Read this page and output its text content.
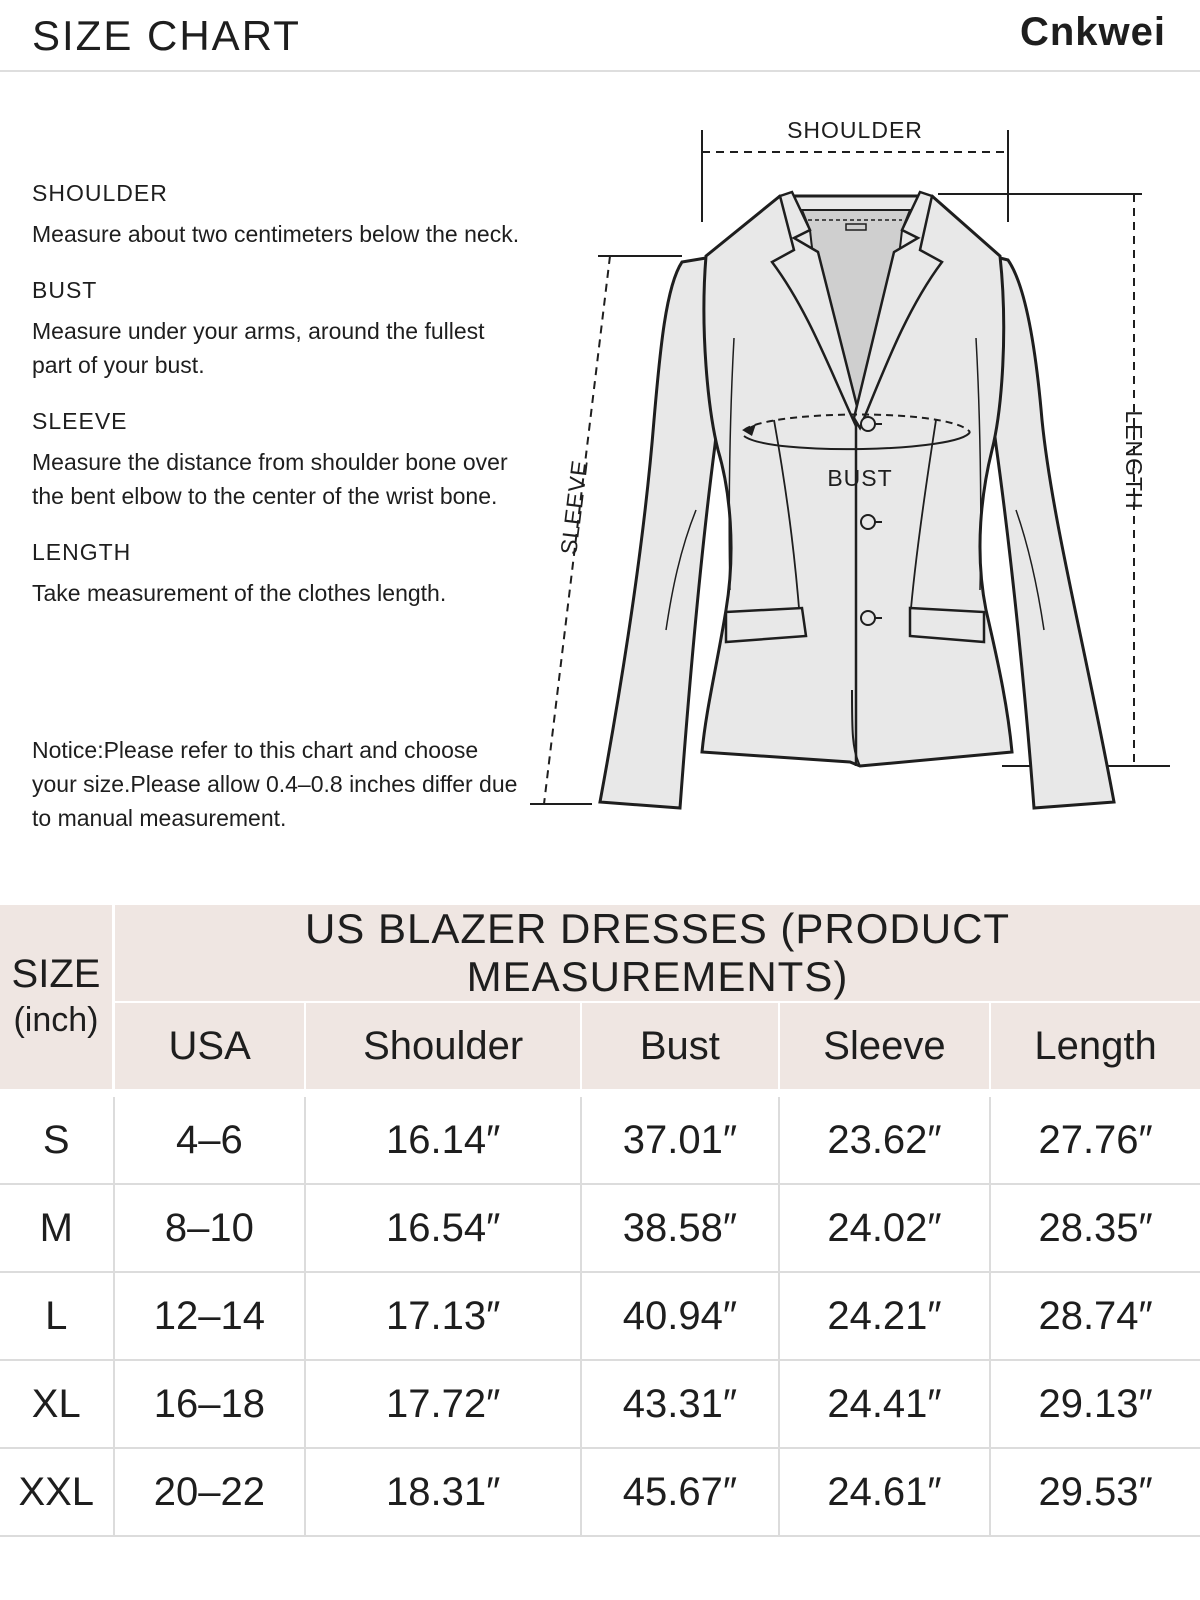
SIZE CHART	Cnkwei
SHOULDER
Measure about two centimeters below the neck.
BUST
Measure under your arms, around the fullest part of your bust.
SLEEVE
Measure the distance from shoulder bone over the bent elbow to the center of the wrist bone.
LENGTH
Take measurement of the clothes length.
Notice:Please refer to this chart and choose your size.Please allow 0.4–0.8 inches differ due to manual measurement.
SHOULDER
LENGTH
SLEEVE	BUST
SIZE
(inch)	US BLAZER DRESSES (PRODUCT MEASUREMENTS)				
	USA	Shoulder	Bust	Sleeve	Length

S	4–6	16.14″	37.01″	23.62″	27.76″
M	8–10	16.54″	38.58″	24.02″	28.35″
L	12–14	17.13″	40.94″	24.21″	28.74″
XL	16–18	17.72″	43.31″	24.41″	29.13″
XXL	20–22	18.31″	45.67″	24.61″	29.53″
